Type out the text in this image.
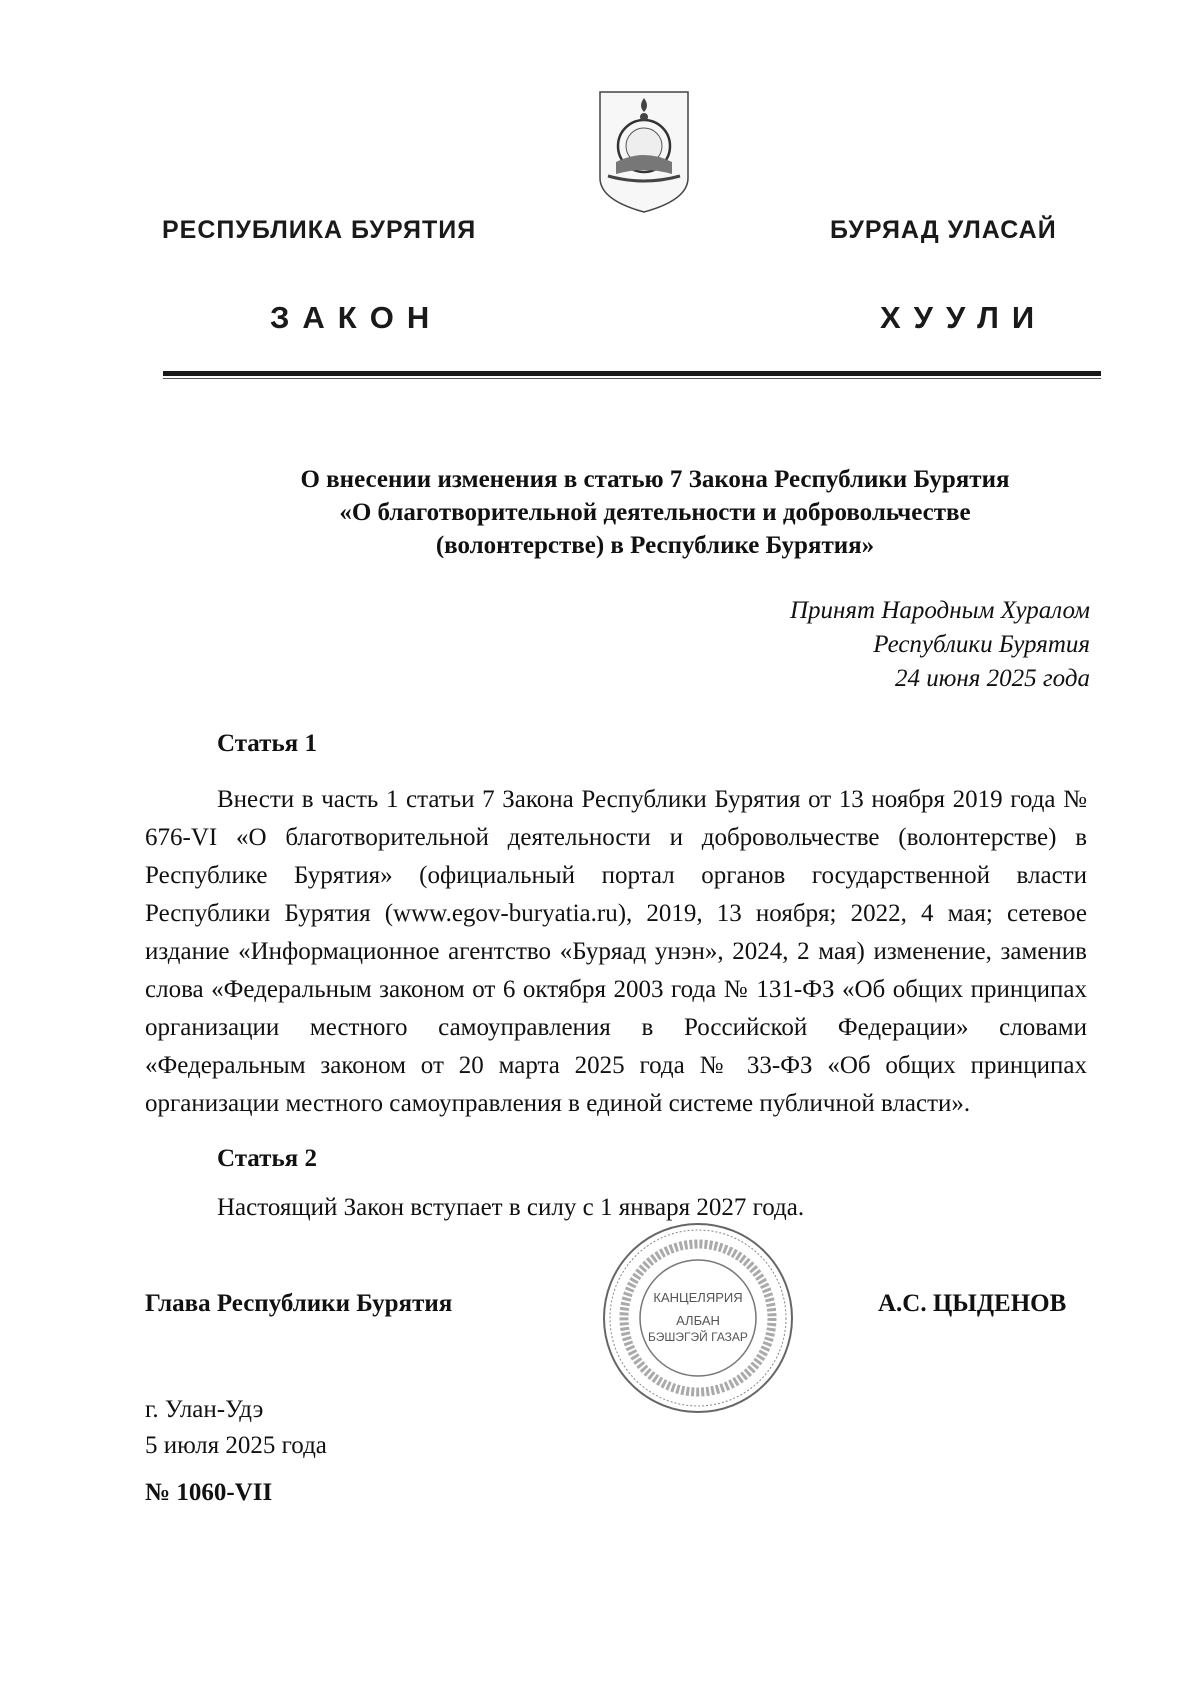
РЕСПУБЛИКА БУРЯТИЯ	БУРЯАД УЛАСАЙ
ЗАКОН	ХУУЛИ
О внесении изменения в статью 7 Закона Республики Бурятия
«О благотворительной деятельности и добровольчестве
(волонтерстве) в Республике Бурятия»
Принят Народным Хуралом
Республики Бурятия
24 июня 2025 года
Статья 1
Внести в часть 1 статьи 7 Закона Республики Бурятия от 13 ноября 2019 года № 676-VI «О благотворительной деятельности и добровольчестве (волонтерстве) в Республике Бурятия» (официальный портал органов государственной власти Республики Бурятия (www.egov-buryatia.ru), 2019, 13 ноября; 2022, 4 мая; сетевое издание «Информационное агентство «Буряад унэн», 2024, 2 мая) изменение, заменив слова «Федеральным законом от 6 октября 2003 года № 131-ФЗ «Об общих принципах организации местного самоуправления в Российской Федерации» словами «Федеральным законом от 20 марта 2025 года № 33-ФЗ «Об общих принципах организации местного самоуправления в единой системе публичной власти».
Статья 2
Настоящий Закон вступает в силу с 1 января 2027 года.
Глава Республики Бурятия	КАНЦЕЛЯРИЯ
АЛБАН
БЭШЭГЭЙ ГАЗАР
А.С. ЦЫДЕНОВ
г. Улан-Удэ
5 июля 2025 года
№ 1060-VII
